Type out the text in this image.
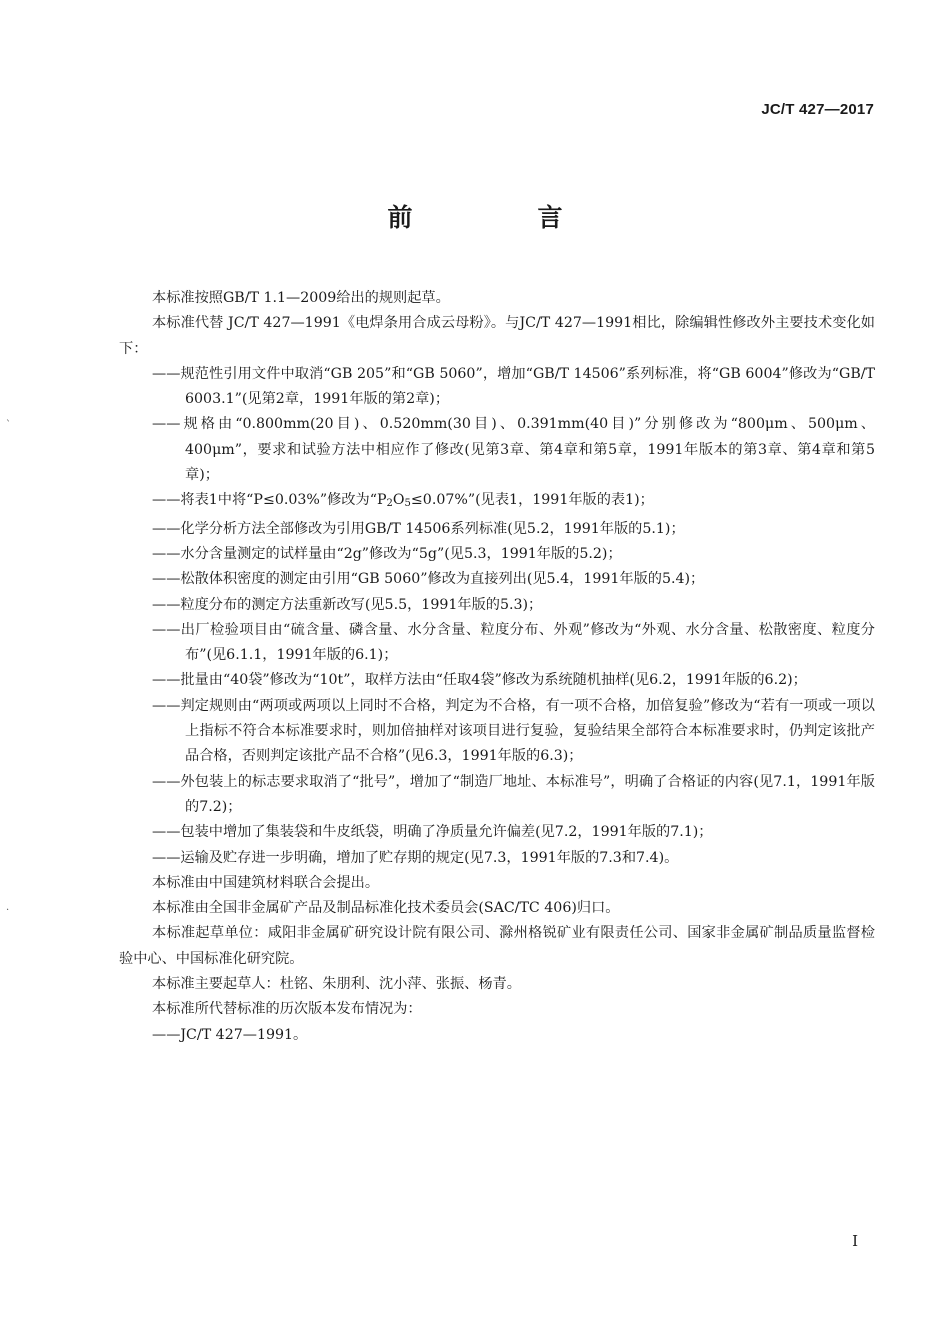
JC/T 427—2017
前　言

本标准按照GB/T 1.1—2009给出的规则起草。

本标准代替 JC/T 427—1991《电焊条用合成云母粉》。与JC/T 427—1991相比，除编辑性修改外主要技术变化如下：

——规范性引用文件中取消“GB 205”和“GB 5060”，增加“GB/T 14506”系列标准，将“GB 6004”修改为“GB/T 6003.1”(见第2章，1991年版的第2章)；

——规格由“0.800mm(20目)、0.520mm(30目)、0.391mm(40目)”分别修改为“800μm、500μm、400μm”，要求和试验方法中相应作了修改(见第3章、第4章和第5章，1991年版本的第3章、第4章和第5章)；

——将表1中将“P≤0.03%”修改为“$P_2O_5\le 0.07\%$”(见表1，1991年版的表1)；

——化学分析方法全部修改为引用GB/T 14506系列标准(见5.2，1991年版的5.1)；

——水分含量测定的试样量由“2g”修改为“5g”(见5.3，1991年版的5.2)；

——松散体积密度的测定由引用“GB 5060”修改为直接列出(见5.4，1991年版的5.4)；

——粒度分布的测定方法重新改写(见5.5，1991年版的5.3)；

——出厂检验项目由“硫含量、磷含量、水分含量、粒度分布、外观”修改为“外观、水分含量、松散密度、粒度分布”(见6.1.1，1991年版的6.1)；

——批量由“40袋”修改为“10t”，取样方法由“任取4袋”修改为系统随机抽样(见6.2，1991年版的6.2)；

——判定规则由“两项或两项以上同时不合格，判定为不合格，有一项不合格，加倍复验”修改为“若有一项或一项以上指标不符合本标准要求时，则加倍抽样对该项目进行复验，复验结果全部符合本标准要求时，仍判定该批产品合格，否则判定该批产品不合格”(见6.3，1991年版的6.3)；

——外包装上的标志要求取消了“批号”，增加了“制造厂地址、本标准号”，明确了合格证的内容(见7.1，1991年版的7.2)；

——包装中增加了集装袋和牛皮纸袋，明确了净质量允许偏差(见7.2，1991年版的7.1)；

——运输及贮存进一步明确，增加了贮存期的规定(见7.3，1991年版的7.3和7.4)。

本标准由中国建筑材料联合会提出。

本标准由全国非金属矿产品及制品标准化技术委员会(SAC/TC 406)归口。

本标准起草单位：咸阳非金属矿研究设计院有限公司、滁州格锐矿业有限责任公司、国家非金属矿制品质量监督检验中心、中国标准化研究院。

本标准主要起草人：杜铭、朱朋利、沈小萍、张振、杨青。

本标准所代替标准的历次版本发布情况为：

——JC/T 427—1991。

`
.
I
